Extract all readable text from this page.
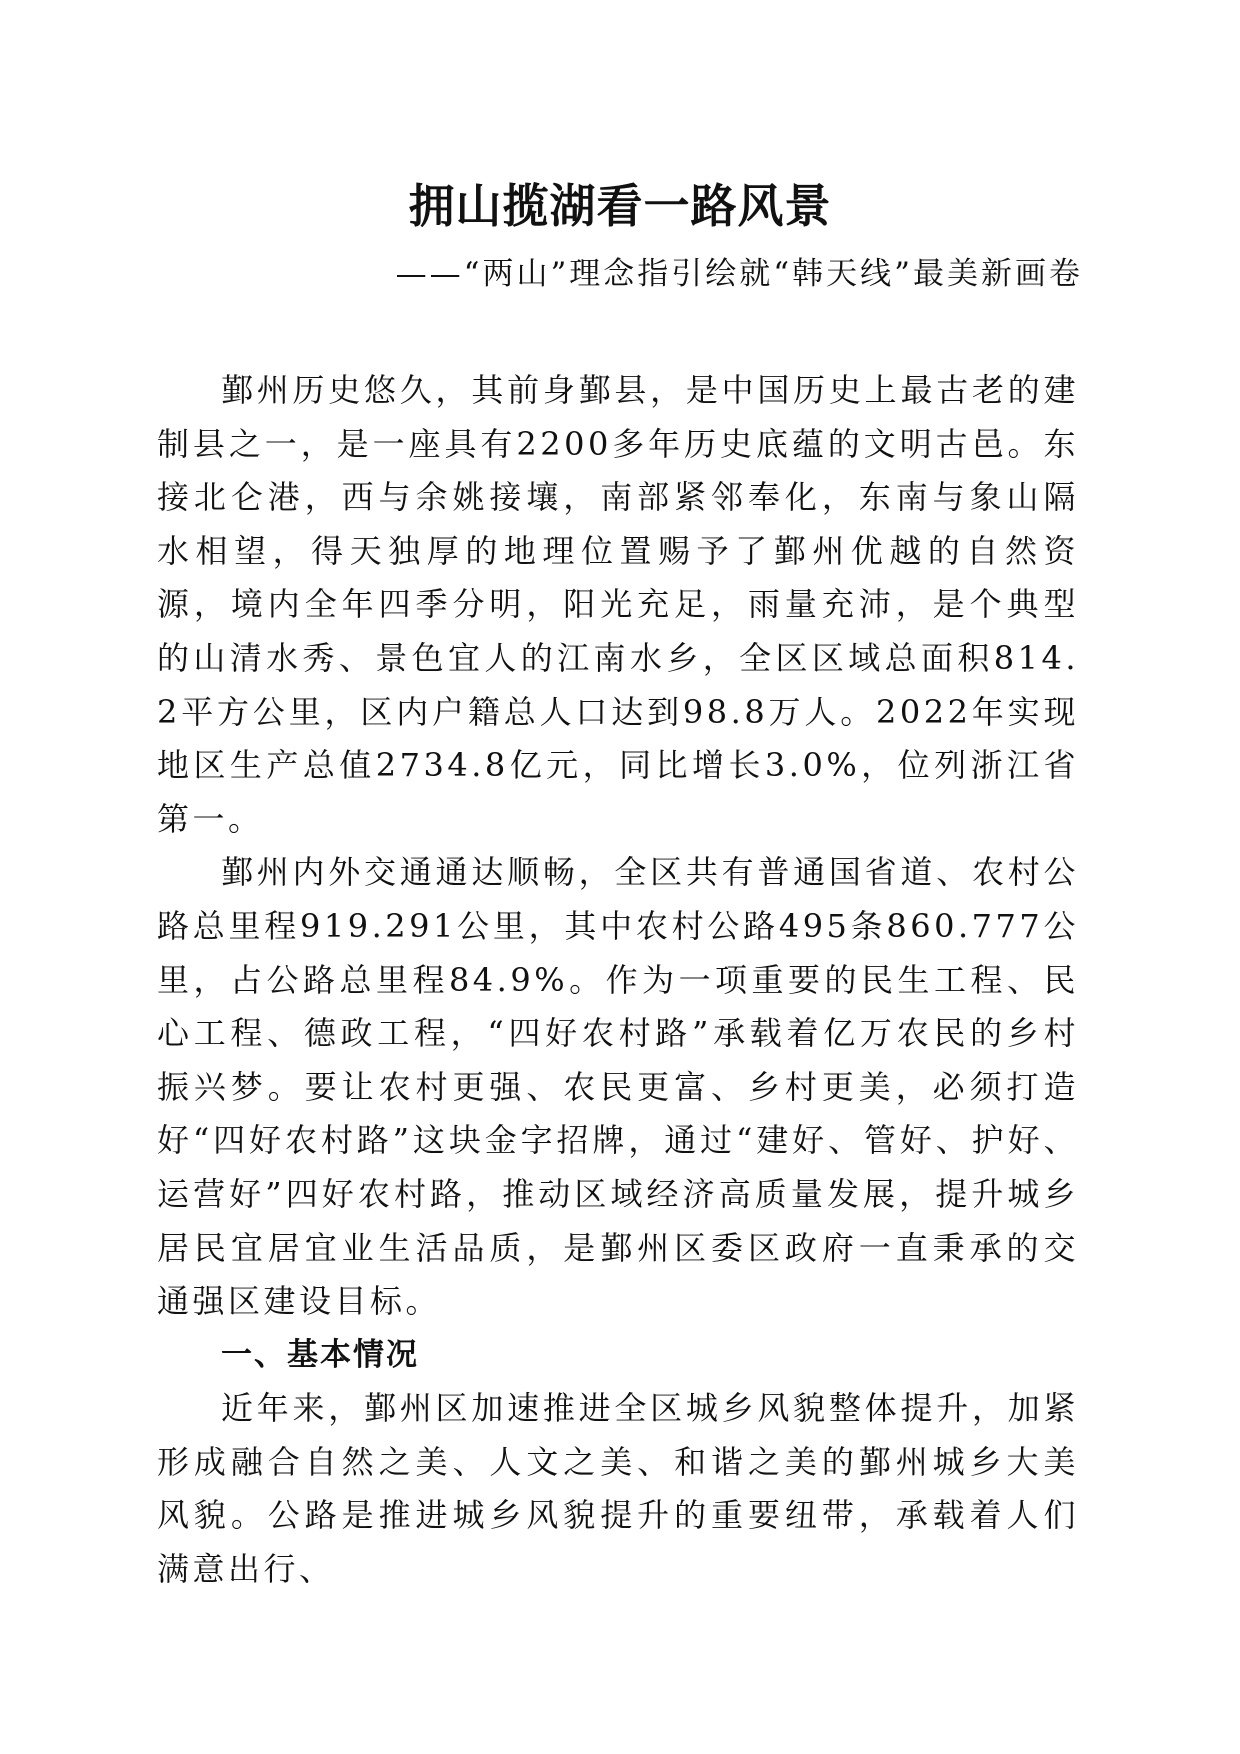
拥山揽湖看一路风景

——“两山”理念指引绘就“韩天线”最美新画卷

鄞州历史悠久，其前身鄞县，是中国历史上最古老的建制县之一，是一座具有2200多年历史底蕴的文明古邑。东接北仑港，西与余姚接壤，南部紧邻奉化，东南与象山隔水相望，得天独厚的地理位置赐予了鄞州优越的自然资源，境内全年四季分明，阳光充足，雨量充沛，是个典型的山清水秀、景色宜人的江南水乡，全区区域总面积814.2平方公里，区内户籍总人口达到98.8万人。2022年实现地区生产总值2734.8亿元，同比增长3.0%，位列浙江省第一。

鄞州内外交通通达顺畅，全区共有普通国省道、农村公路总里程919.291公里，其中农村公路495条860.777公里，占公路总里程84.9%。作为一项重要的民生工程、民心工程、德政工程，“四好农村路”承载着亿万农民的乡村振兴梦。要让农村更强、农民更富、乡村更美，必须打造好“四好农村路”这块金字招牌，通过“建好、管好、护好、运营好”四好农村路，推动区域经济高质量发展，提升城乡居民宜居宜业生活品质，是鄞州区委区政府一直秉承的交通强区建设目标。

一、基本情况

近年来，鄞州区加速推进全区城乡风貌整体提升，加紧形成融合自然之美、人文之美、和谐之美的鄞州城乡大美风貌。公路是推进城乡风貌提升的重要纽带，承载着人们满意出行、
